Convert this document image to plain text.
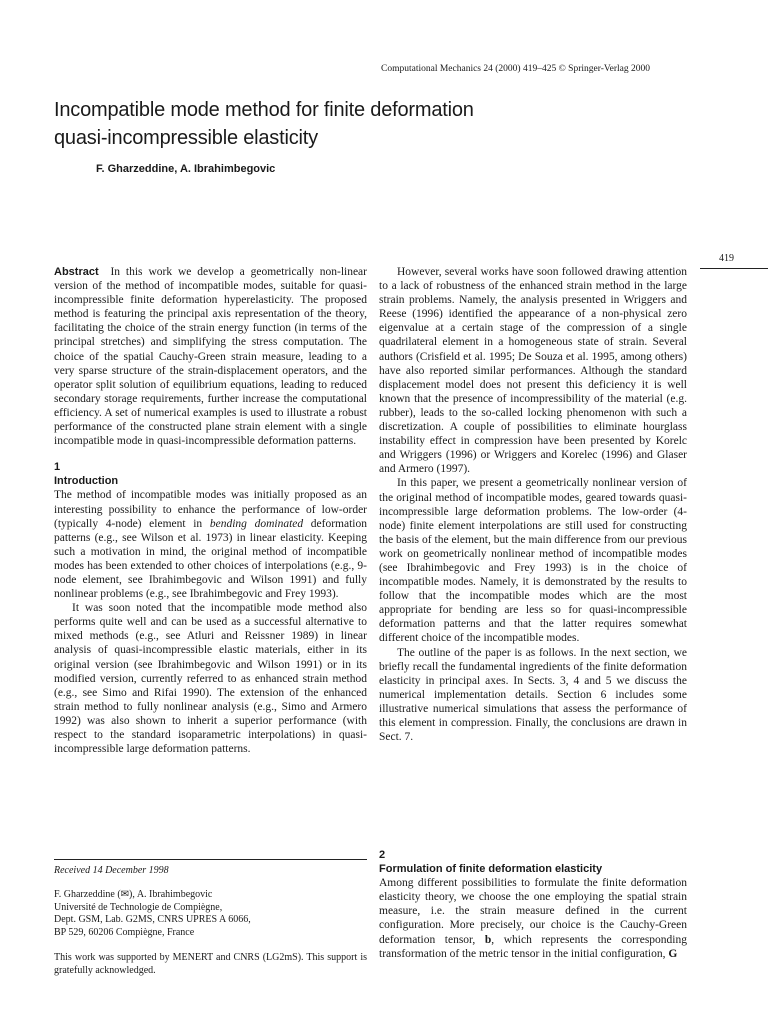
Computational Mechanics 24 (2000) 419–425 © Springer-Verlag 2000
Incompatible mode method for finite deformation
quasi-incompressible elasticity
F. Gharzeddine, A. Ibrahimbegovic
419

Abstract In this work we develop a geometrically non-linear version of the method of incompatible modes, suitable for quasi-incompressible finite deformation hyperelasticity. The proposed method is featuring the principal axis representation of the theory, facilitating the choice of the strain energy function (in terms of the principal stretches) and simplifying the stress computation. The choice of the spatial Cauchy-Green strain measure, leading to a very sparse structure of the strain-displacement operators, and the operator split solution of equilibrium equations, leading to reduced secondary storage requirements, further increase the computational efficiency. A set of numerical examples is used to illustrate a robust performance of the constructed plane strain element with a single incompatible mode in quasi-incompressible deformation patterns.

1

Introduction

The method of incompatible modes was initially proposed as an interesting possibility to enhance the performance of low-order (typically 4-node) element in bending dominated deformation patterns (e.g., see Wilson et al. 1973) in linear elasticity. Keeping such a motivation in mind, the original method of incompatible modes has been extended to other choices of interpolations (e.g., 9-node element, see Ibrahimbegovic and Wilson 1991) and fully nonlinear problems (e.g., see Ibrahimbegovic and Frey 1993).

It was soon noted that the incompatible mode method also performs quite well and can be used as a successful alternative to mixed methods (e.g., see Atluri and Reissner 1989) in linear analysis of quasi-incompressible elastic materials, either in its original version (see Ibrahimbegovic and Wilson 1991) or in its modified version, currently referred to as enhanced strain method (e.g., see Simo and Rifai 1990). The extension of the enhanced strain method to fully nonlinear analysis (e.g., Simo and Armero 1992) was also shown to inherit a superior performance (with respect to the standard isoparametric interpolations) in quasi-incompressible large deformation patterns.

However, several works have soon followed drawing attention to a lack of robustness of the enhanced strain method in the large strain problems. Namely, the analysis presented in Wriggers and Reese (1996) identified the appearance of a non-physical zero eigenvalue at a certain stage of the compression of a single quadrilateral element in a homogeneous state of strain. Several authors (Crisfield et al. 1995; De Souza et al. 1995, among others) have also reported similar performances. Although the standard displacement model does not present this deficiency it is well known that the presence of incompressibility of the material (e.g. rubber), leads to the so-called locking phenomenon with such a discretization. A couple of possibilities to eliminate hourglass instability effect in compression have been presented by Korelc and Wriggers (1996) or Wriggers and Korelec (1996) and Glaser and Armero (1997).

In this paper, we present a geometrically nonlinear version of the original method of incompatible modes, geared towards quasi-incompressible large deformation problems. The low-order (4-node) finite element interpolations are still used for constructing the basis of the element, but the main difference from our previous work on geometrically nonlinear method of incompatible modes (see Ibrahimbegovic and Frey 1993) is in the choice of incompatible modes. Namely, it is demonstrated by the results to follow that the incompatible modes which are the most appropriate for bending are less so for quasi-incompressible deformation patterns and that the latter requires somewhat different choice of the incompatible modes.

The outline of the paper is as follows. In the next section, we briefly recall the fundamental ingredients of the finite deformation elasticity in principal axes. In Sects. 3, 4 and 5 we discuss the numerical implementation details. Section 6 includes some illustrative numerical simulations that assess the performance of this element in compression. Finally, the conclusions are drawn in Sect. 7.

2

Formulation of finite deformation elasticity

Among different possibilities to formulate the finite deformation elasticity theory, we choose the one employing the spatial strain measure, i.e. the strain measure defined in the current configuration. More precisely, our choice is the Cauchy-Green deformation tensor, b, which represents the corresponding transformation of the metric tensor in the initial configuration, G

Received 14 December 1998
F. Gharzeddine (✉), A. Ibrahimbegovic
Université de Technologie de Compiègne,
Dept. GSM, Lab. G2MS, CNRS UPRES A 6066,
BP 529, 60206 Compiègne, France
This work was supported by MENERT and CNRS (LG2mS). This support is gratefully acknowledged.
